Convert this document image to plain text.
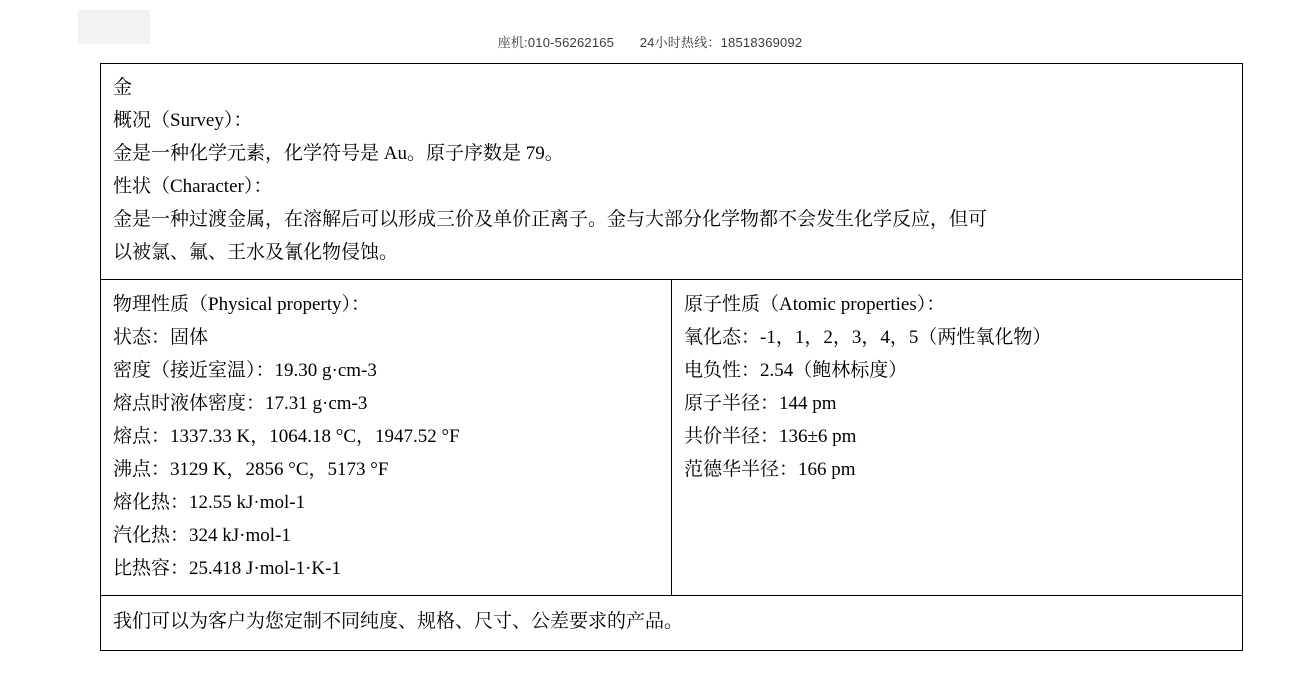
座机:010-56262165 24小时热线：18518369092
金
概况（Survey）：
金是一种化学元素，化学符号是 Au。原子序数是 79。
性状（Character）：
金是一种过渡金属，在溶解后可以形成三价及单价正离子。金与大部分化学物都不会发生化学反应，但可
以被氯、氟、王水及氰化物侵蚀。

物理性质（Physical property）：
状态：固体
密度（接近室温）：19.30 g·cm-3
熔点时液体密度：17.31 g·cm-3
熔点：1337.33 K，1064.18 °C，1947.52 °F
沸点：3129 K，2856 °C，5173 °F
熔化热：12.55 kJ·mol-1
汽化热：324 kJ·mol-1
比热容：25.418 J·mol-1·K-1

原子性质（Atomic properties）：
氧化态：-1，1，2，3，4，5（两性氧化物）
电负性：2.54（鲍林标度）
原子半径：144 pm
共价半径：136±6 pm
范德华半径：166 pm

我们可以为客户为您定制不同纯度、规格、尺寸、公差要求的产品。
